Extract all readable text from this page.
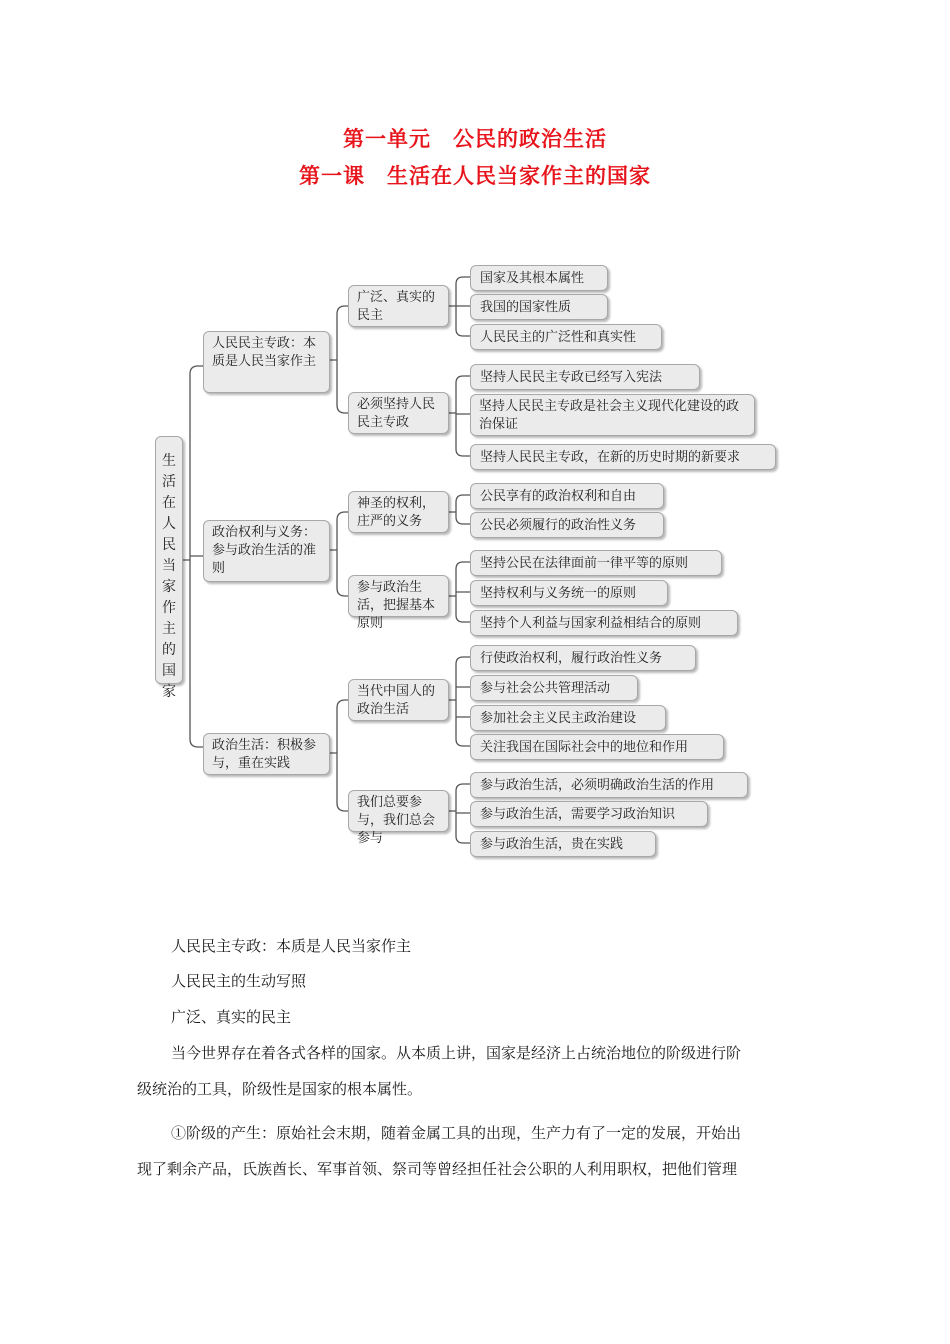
第一单元　公民的政治生活
第一课　生活在人民当家作主的国家
生活在人民当家作主的国家
人民民主专政：本质是人民当家作主
政治权利与义务：参与政治生活的准则
政治生活：积极参与，重在实践
广泛、真实的民主
必须坚持人民民主专政
神圣的权利，庄严的义务
参与政治生活，把握基本原则
当代中国人的政治生活
我们总要参与，我们总会参与
国家及其根本属性
我国的国家性质
人民民主的广泛性和真实性
坚持人民民主专政已经写入宪法
坚持人民民主专政是社会主义现代化建设的政治保证
坚持人民民主专政，在新的历史时期的新要求
公民享有的政治权利和自由
公民必须履行的政治性义务
坚持公民在法律面前一律平等的原则
坚持权利与义务统一的原则
坚持个人利益与国家利益相结合的原则
行使政治权利，履行政治性义务
参与社会公共管理活动
参加社会主义民主政治建设
关注我国在国际社会中的地位和作用
参与政治生活，必须明确政治生活的作用
参与政治生活，需要学习政治知识
参与政治生活，贵在实践
人民民主专政：本质是人民当家作主
人民民主的生动写照
广泛、真实的民主
当今世界存在着各式各样的国家。从本质上讲，国家是经济上占统治地位的阶级进行阶
级统治的工具，阶级性是国家的根本属性。
①阶级的产生：原始社会末期，随着金属工具的出现，生产力有了一定的发展，开始出
现了剩余产品，氏族酋长、军事首领、祭司等曾经担任社会公职的人利用职权，把他们管理
